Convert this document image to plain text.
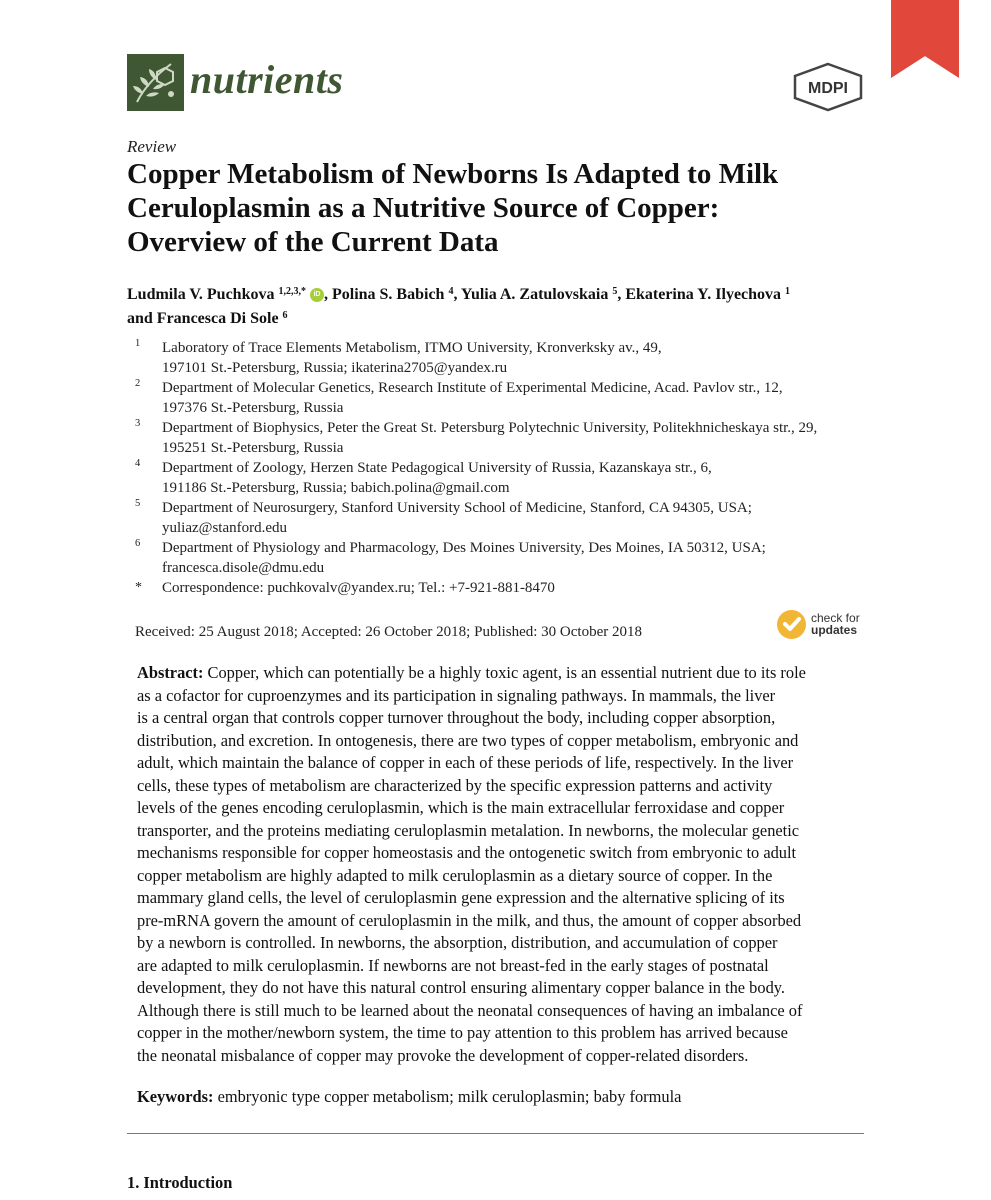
nutrients	MDPI
Review
Copper Metabolism of Newborns Is Adapted to Milk
Ceruloplasmin as a Nutritive Source of Copper:
Overview of the Current Data
Ludmila V. Puchkova $^{1,2,3,*}$ iD , Polina S. Babich $^4$, Yulia A. Zatulovskaia $^5$, Ekaterina Y. Ilyechova $^1$
and Francesca Di Sole $^6$
1 Laboratory of Trace Elements Metabolism, ITMO University, Kronverksky av., 49,
197101 St.-Petersburg, Russia; ikaterina2705@yandex.ru
2 Department of Molecular Genetics, Research Institute of Experimental Medicine, Acad. Pavlov str., 12,
197376 St.-Petersburg, Russia
3 Department of Biophysics, Peter the Great St. Petersburg Polytechnic University, Politekhnicheskaya str., 29,
195251 St.-Petersburg, Russia
4 Department of Zoology, Herzen State Pedagogical University of Russia, Kazanskaya str., 6,
191186 St.-Petersburg, Russia; babich.polina@gmail.com
5 Department of Neurosurgery, Stanford University School of Medicine, Stanford, CA 94305, USA;
yuliaz@stanford.edu
6 Department of Physiology and Pharmacology, Des Moines University, Des Moines, IA 50312, USA;
francesca.disole@dmu.edu
* Correspondence: puchkovalv@yandex.ru; Tel.: +7-921-881-8470
Received: 25 August 2018; Accepted: 26 October 2018; Published: 30 October 2018
check for
updates
Abstract: Copper, which can potentially be a highly toxic agent, is an essential nutrient due to its role
as a cofactor for cuproenzymes and its participation in signaling pathways. In mammals, the liver
is a central organ that controls copper turnover throughout the body, including copper absorption,
distribution, and excretion. In ontogenesis, there are two types of copper metabolism, embryonic and
adult, which maintain the balance of copper in each of these periods of life, respectively. In the liver
cells, these types of metabolism are characterized by the specific expression patterns and activity
levels of the genes encoding ceruloplasmin, which is the main extracellular ferroxidase and copper
transporter, and the proteins mediating ceruloplasmin metalation. In newborns, the molecular genetic
mechanisms responsible for copper homeostasis and the ontogenetic switch from embryonic to adult
copper metabolism are highly adapted to milk ceruloplasmin as a dietary source of copper. In the
mammary gland cells, the level of ceruloplasmin gene expression and the alternative splicing of its
pre-mRNA govern the amount of ceruloplasmin in the milk, and thus, the amount of copper absorbed
by a newborn is controlled. In newborns, the absorption, distribution, and accumulation of copper
are adapted to milk ceruloplasmin. If newborns are not breast-fed in the early stages of postnatal
development, they do not have this natural control ensuring alimentary copper balance in the body.
Although there is still much to be learned about the neonatal consequences of having an imbalance of
copper in the mother/newborn system, the time to pay attention to this problem has arrived because
the neonatal misbalance of copper may provoke the development of copper-related disorders.
Keywords: embryonic type copper metabolism; milk ceruloplasmin; baby formula
1. Introduction
